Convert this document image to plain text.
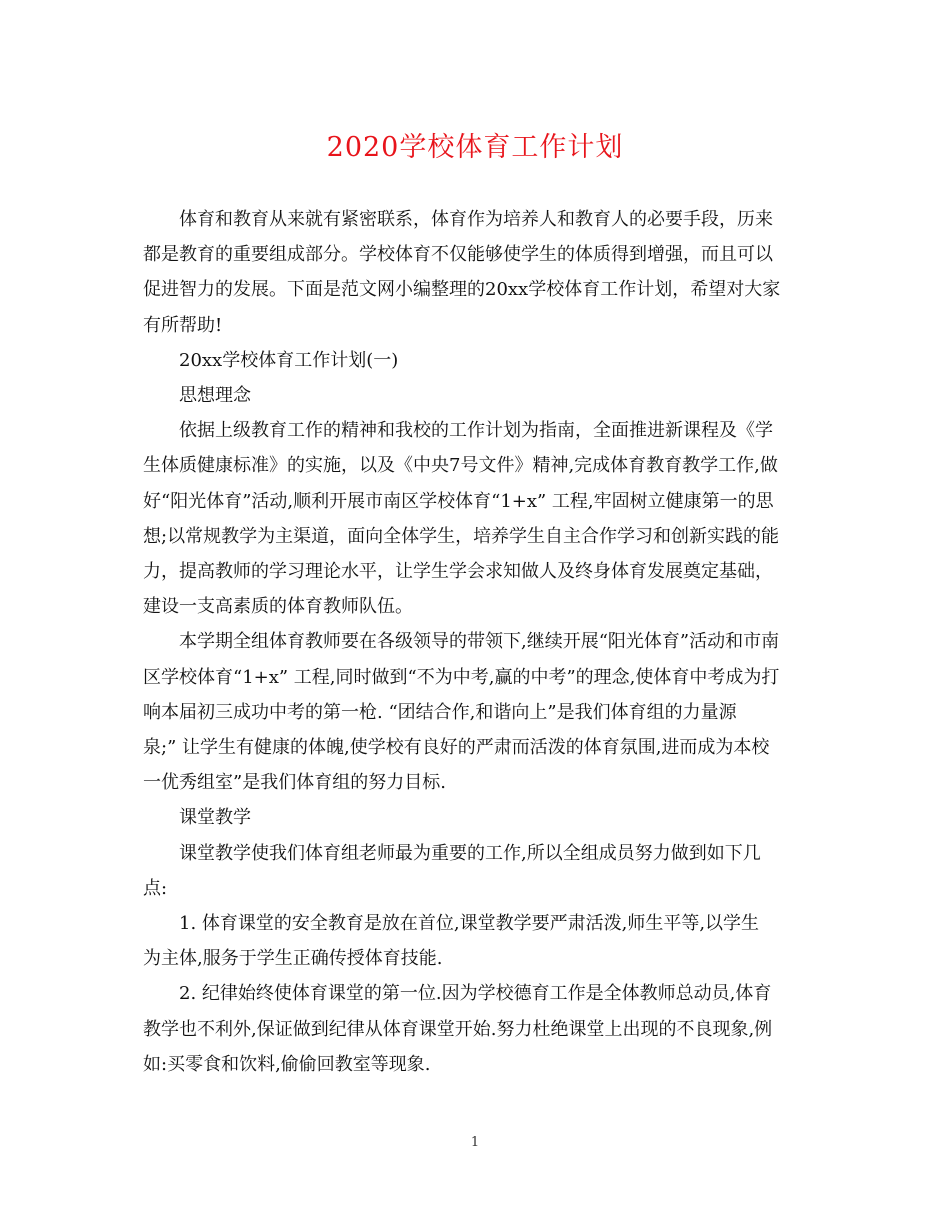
2020学校体育工作计划

体育和教育从来就有紧密联系，体育作为培养人和教育人的必要手段，历来
都是教育的重要组成部分。学校体育不仅能够使学生的体质得到增强，而且可以
促进智力的发展。下面是范文网小编整理的20xx学校体育工作计划，希望对大家
有所帮助!

20xx学校体育工作计划(一)

思想理念

依据上级教育工作的精神和我校的工作计划为指南，全面推进新课程及《学
生体质健康标准》的实施，以及《中央7号文件》精神,完成体育教育教学工作,做
好“阳光体育”活动,顺利开展市南区学校体育“1+x” 工程,牢固树立健康第一的思
想;以常规教学为主渠道，面向全体学生，培养学生自主合作学习和创新实践的能
力，提高教师的学习理论水平，让学生学会求知做人及终身体育发展奠定基础，
建设一支高素质的体育教师队伍。

本学期全组体育教师要在各级领导的带领下,继续开展“阳光体育”活动和市南
区学校体育“1+x” 工程,同时做到“不为中考,赢的中考”的理念,使体育中考成为打
响本届初三成功中考的第一枪. “团结合作,和谐向上”是我们体育组的力量源
泉;” 让学生有健康的体魄,使学校有良好的严肃而活泼的体育氛围,进而成为本校
一优秀组室”是我们体育组的努力目标.

课堂教学

课堂教学使我们体育组老师最为重要的工作,所以全组成员努力做到如下几
点:

1. 体育课堂的安全教育是放在首位,课堂教学要严肃活泼,师生平等,以学生
为主体,服务于学生正确传授体育技能.

2. 纪律始终使体育课堂的第一位.因为学校德育工作是全体教师总动员,体育
教学也不利外,保证做到纪律从体育课堂开始.努力杜绝课堂上出现的不良现象,例
如:买零食和饮料,偷偷回教室等现象.

1
